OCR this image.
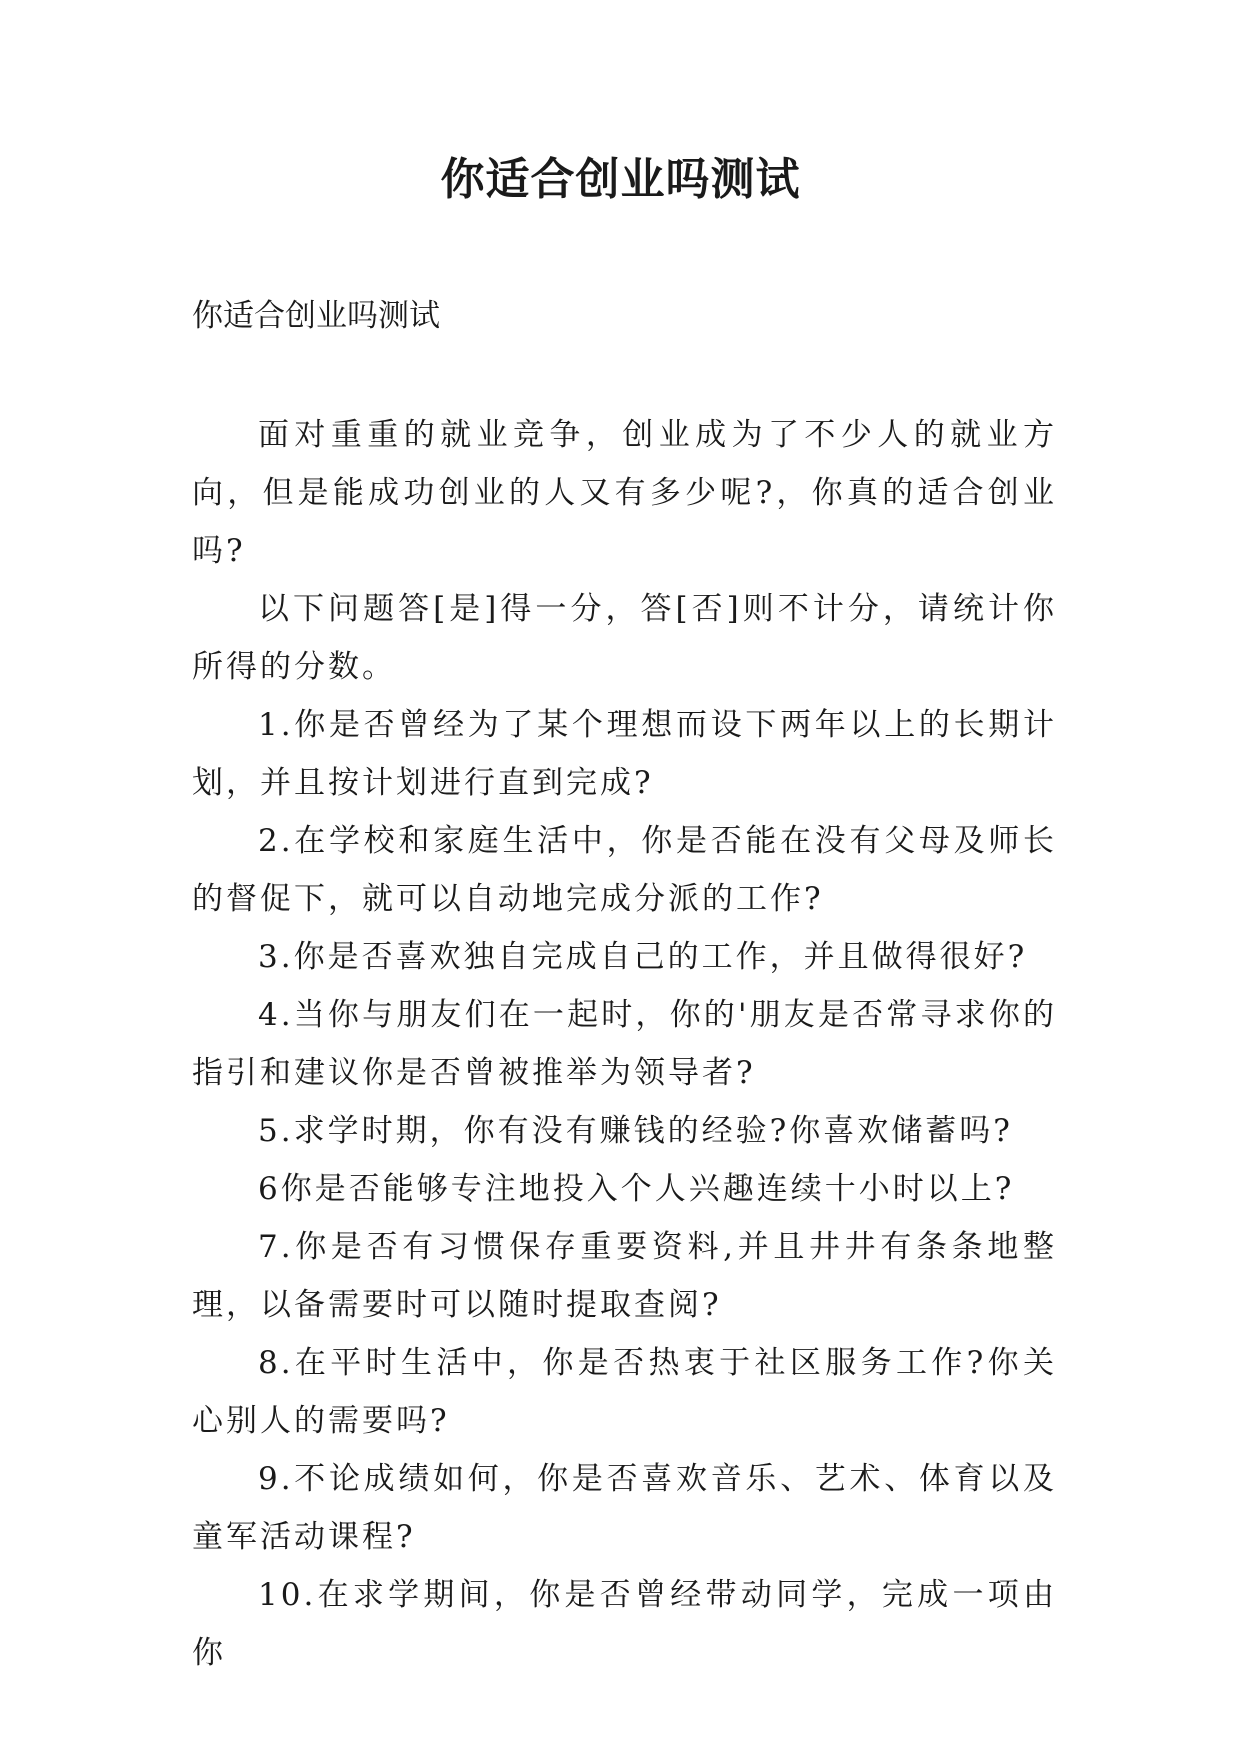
你适合创业吗测试

你适合创业吗测试

面对重重的就业竞争，创业成为了不少人的就业方向，但是能成功创业的人又有多少呢?，你真的适合创业吗?

以下问题答[是]得一分，答[否]则不计分，请统计你所得的分数。

1.你是否曾经为了某个理想而设下两年以上的长期计划，并且按计划进行直到完成?

2.在学校和家庭生活中，你是否能在没有父母及师长的督促下，就可以自动地完成分派的工作?

3.你是否喜欢独自完成自己的工作，并且做得很好?

4.当你与朋友们在一起时，你的'朋友是否常寻求你的指引和建议你是否曾被推举为领导者?

5.求学时期，你有没有赚钱的经验?你喜欢储蓄吗?

6你是否能够专注地投入个人兴趣连续十小时以上?

7.你是否有习惯保存重要资料,并且井井有条条地整理，以备需要时可以随时提取查阅?

8.在平时生活中，你是否热衷于社区服务工作?你关心别人的需要吗?

9.不论成绩如何，你是否喜欢音乐、艺术、体育以及童军活动课程?

10.在求学期间，你是否曾经带动同学，完成一项由你
